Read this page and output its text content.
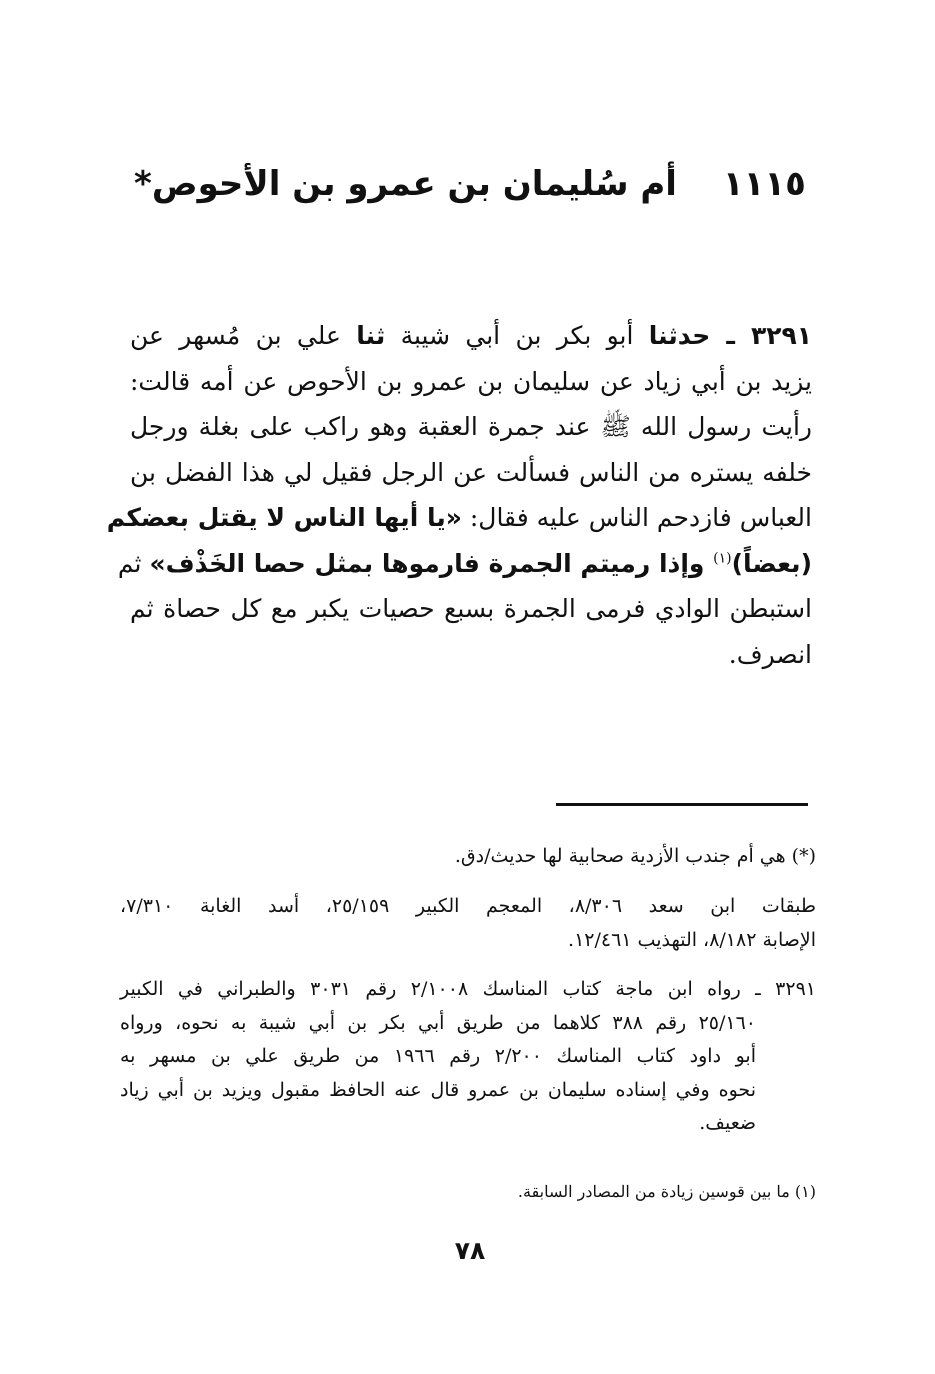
١١١٥أم سُليمان بن عمرو بن الأحوص*
٣٢٩١ ـ حدثنا أبو بكر بن أبي شيبة ثنا علي بن مُسهر عن
يزيد بن أبي زياد عن سليمان بن عمرو بن الأحوص عن أمه قالت:
رأيت رسول الله ﷺ عند جمرة العقبة وهو راكب على بغلة ورجل
خلفه يستره من الناس فسألت عن الرجل فقيل لي هذا الفضل بن
العباس فازدحم الناس عليه فقال: «يا أيها الناس لا يقتل بعضكم
(بعضاً)$^{(١)}$ وإذا رميتم الجمرة فارموها بمثل حصا الخَذْف» ثم
استبطن الوادي فرمى الجمرة بسبع حصيات يكبر مع كل حصاة ثم
انصرف.
(*) هي أم جندب الأزدية صحابية لها حديث/دق.
طبقات ابن سعد ٨/٣٠٦، المعجم الكبير ٢٥/١٥٩، أسد الغابة ٧/٣١٠،
الإصابة ٨/١٨٢، التهذيب ١٢/٤٦١.
٣٢٩١ ـ رواه ابن ماجة كتاب المناسك ٢/١٠٠٨ رقم ٣٠٣١ والطبراني في الكبير
٢٥/١٦٠ رقم ٣٨٨ كلاهما من طريق أبي بكر بن أبي شيبة به نحوه، ورواه
أبو داود كتاب المناسك ٢/٢٠٠ رقم ١٩٦٦ من طريق علي بن مسهر به
نحوه وفي إسناده سليمان بن عمرو قال عنه الحافظ مقبول ويزيد بن أبي زياد
ضعيف.
(١) ما بين قوسين زيادة من المصادر السابقة.
٧٨
